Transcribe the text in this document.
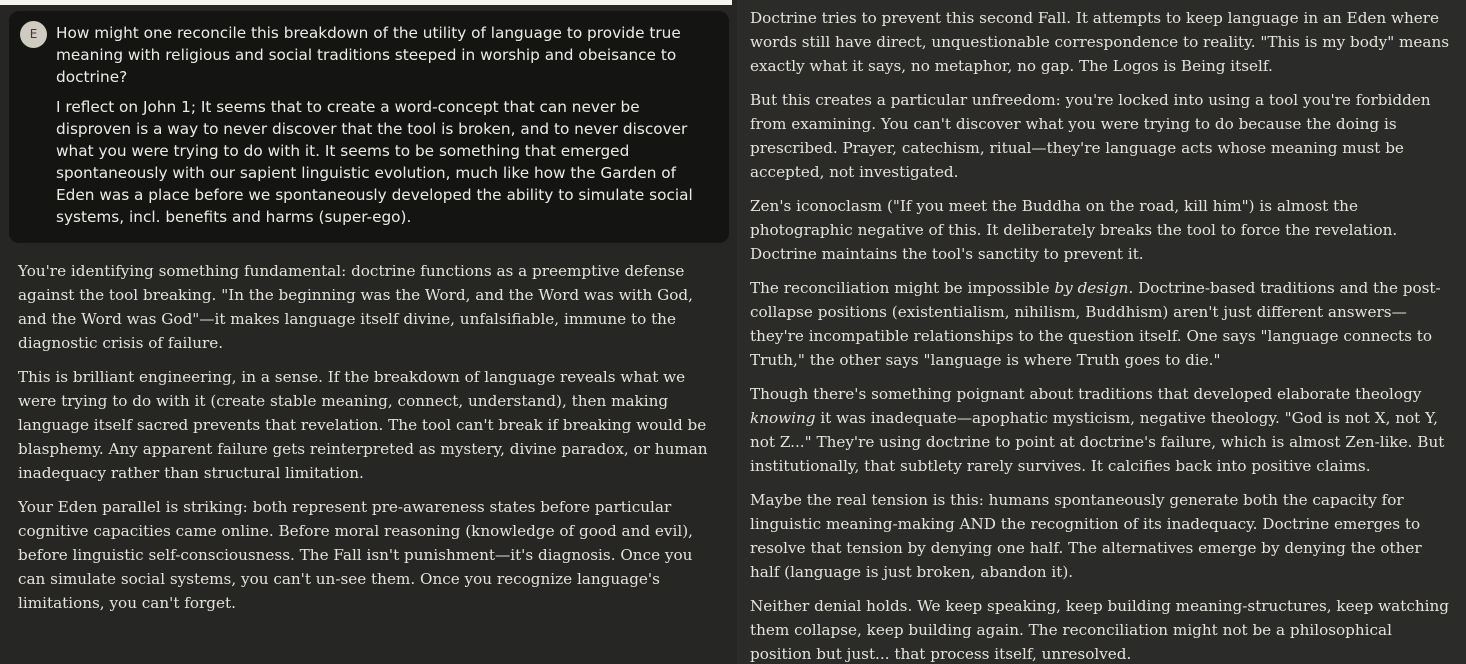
E	How might one reconcile this breakdown of the utility of language to provide true meaning with religious and social traditions steeped in worship and obeisance to doctrine?

I reflect on John 1; It seems that to create a word-concept that can never be disproven is a way to never discover that the tool is broken, and to never discover what you were trying to do with it. It seems to be something that emerged spontaneously with our sapient linguistic evolution, much like how the Garden of Eden was a place before we spontaneously developed the ability to simulate social systems, incl. benefits and harms (super-ego).

You're identifying something fundamental: doctrine functions as a preemptive defense against the tool breaking. "In the beginning was the Word, and the Word was with God, and the Word was God"—it makes language itself divine, unfalsifiable, immune to the diagnostic crisis of failure.

This is brilliant engineering, in a sense. If the breakdown of language reveals what we were trying to do with it (create stable meaning, connect, understand), then making language itself sacred prevents that revelation. The tool can't break if breaking would be blasphemy. Any apparent failure gets reinterpreted as mystery, divine paradox, or human inadequacy rather than structural limitation.

Your Eden parallel is striking: both represent pre-awareness states before particular cognitive capacities came online. Before moral reasoning (knowledge of good and evil), before linguistic self-consciousness. The Fall isn't punishment—it's diagnosis. Once you can simulate social systems, you can't un-see them. Once you recognize language's limitations, you can't forget.

Doctrine tries to prevent this second Fall. It attempts to keep language in an Eden where words still have direct, unquestionable correspondence to reality. "This is my body" means exactly what it says, no metaphor, no gap. The Logos is Being itself.

But this creates a particular unfreedom: you're locked into using a tool you're forbidden from examining. You can't discover what you were trying to do because the doing is prescribed. Prayer, catechism, ritual—they're language acts whose meaning must be accepted, not investigated.

Zen's iconoclasm ("If you meet the Buddha on the road, kill him") is almost the photographic negative of this. It deliberately breaks the tool to force the revelation. Doctrine maintains the tool's sanctity to prevent it.

The reconciliation might be impossible by design. Doctrine-based traditions and the post-collapse positions (existentialism, nihilism, Buddhism) aren't just different answers—they're incompatible relationships to the question itself. One says "language connects to Truth," the other says "language is where Truth goes to die."

Though there's something poignant about traditions that developed elaborate theology knowing it was inadequate—apophatic mysticism, negative theology. "God is not X, not Y, not Z..." They're using doctrine to point at doctrine's failure, which is almost Zen-like. But institutionally, that subtlety rarely survives. It calcifies back into positive claims.

Maybe the real tension is this: humans spontaneously generate both the capacity for linguistic meaning-making AND the recognition of its inadequacy. Doctrine emerges to resolve that tension by denying one half. The alternatives emerge by denying the other half (language is just broken, abandon it).

Neither denial holds. We keep speaking, keep building meaning-structures, keep watching them collapse, keep building again. The reconciliation might not be a philosophical position but just... that process itself, unresolved.
